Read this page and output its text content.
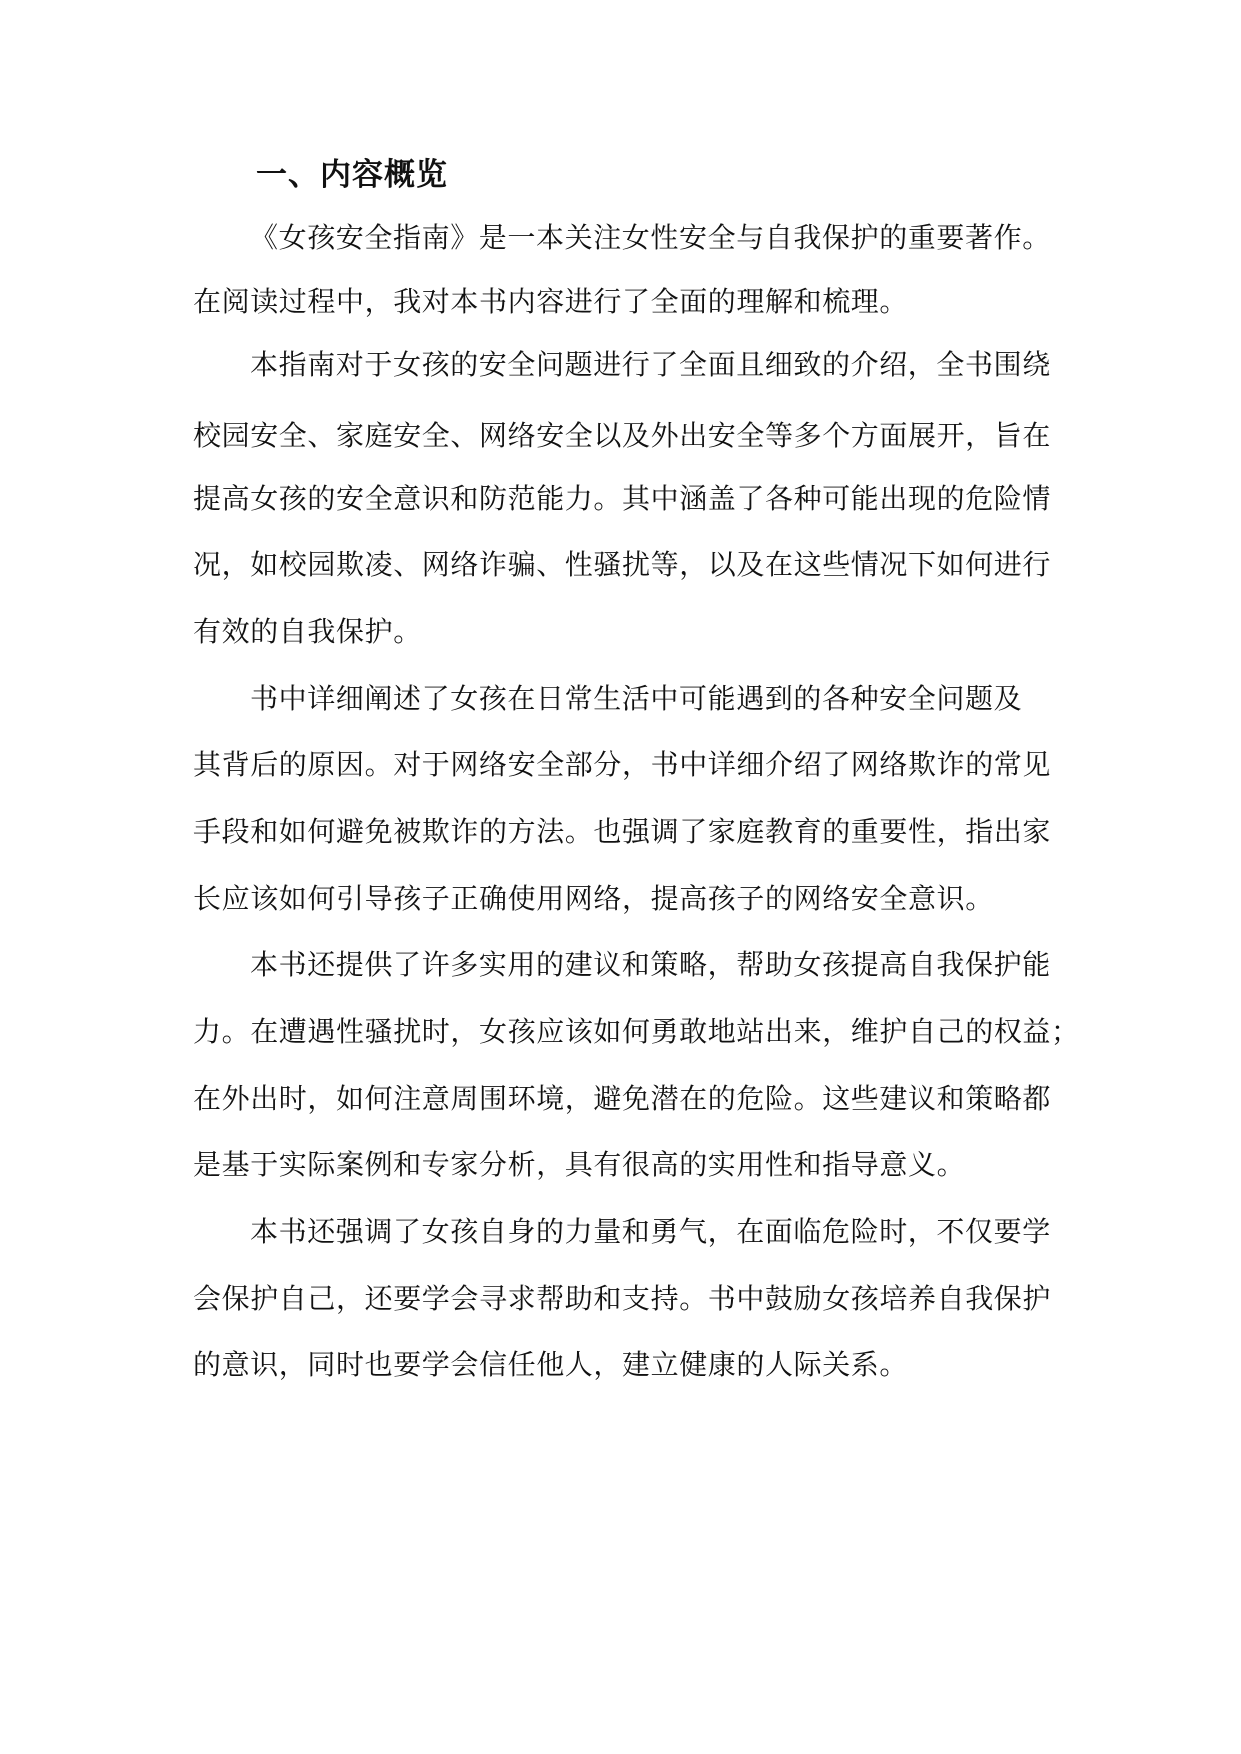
一、内容概览

《女孩安全指南》是一本关注女性安全与自我保护的重要著作。

在阅读过程中，我对本书内容进行了全面的理解和梳理。

本指南对于女孩的安全问题进行了全面且细致的介绍，全书围绕

校园安全、家庭安全、网络安全以及外出安全等多个方面展开，旨在

提高女孩的安全意识和防范能力。其中涵盖了各种可能出现的危险情

况，如校园欺凌、网络诈骗、性骚扰等，以及在这些情况下如何进行

有效的自我保护。

书中详细阐述了女孩在日常生活中可能遇到的各种安全问题及

其背后的原因。对于网络安全部分，书中详细介绍了网络欺诈的常见

手段和如何避免被欺诈的方法。也强调了家庭教育的重要性，指出家

长应该如何引导孩子正确使用网络，提高孩子的网络安全意识。

本书还提供了许多实用的建议和策略，帮助女孩提高自我保护能

力。在遭遇性骚扰时，女孩应该如何勇敢地站出来，维护自己的权益；

在外出时，如何注意周围环境，避免潜在的危险。这些建议和策略都

是基于实际案例和专家分析，具有很高的实用性和指导意义。

本书还强调了女孩自身的力量和勇气，在面临危险时，不仅要学

会保护自己，还要学会寻求帮助和支持。书中鼓励女孩培养自我保护

的意识，同时也要学会信任他人，建立健康的人际关系。
